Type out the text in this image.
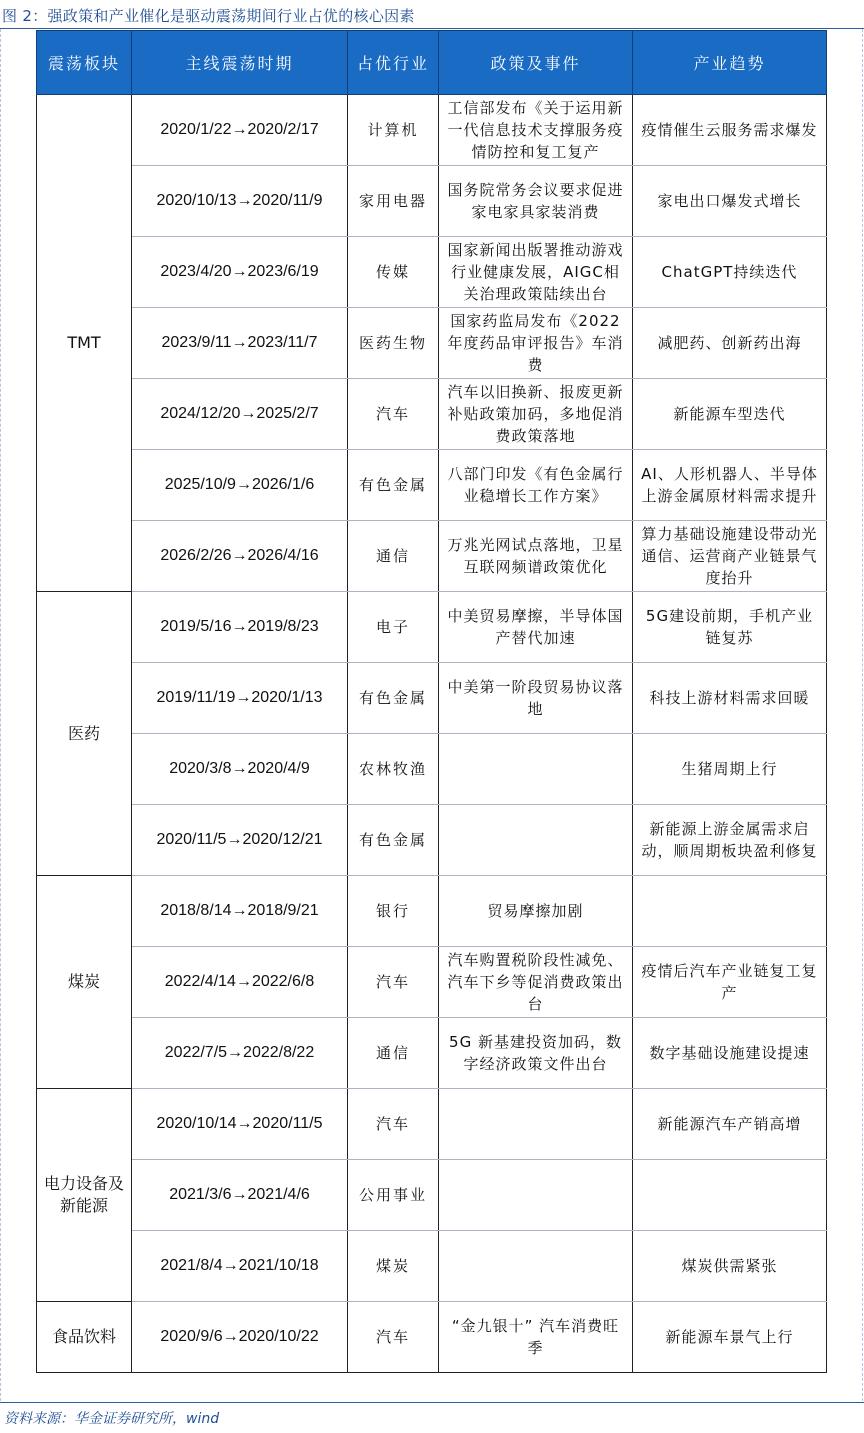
图 2：强政策和产业催化是驱动震荡期间行业占优的核心因素
震荡板块	主线震荡时期	占优行业	政策及事件	产业趋势
TMT	2020/1/22→2020/2/17	计算机	工信部发布《关于运用新一代信息技术支撑服务疫情防控和复工复产	疫情催生云服务需求爆发
	2020/10/13→2020/11/9	家用电器	国务院常务会议要求促进家电家具家装消费	家电出口爆发式增长
	2023/4/20→2023/6/19	传媒	国家新闻出版署推动游戏行业健康发展，AIGC相关治理政策陆续出台	ChatGPT持续迭代
	2023/9/11→2023/11/7	医药生物	国家药监局发布《2022年度药品审评报告》车消费	减肥药、创新药出海
	2024/12/20→2025/2/7	汽车	汽车以旧换新、报废更新补贴政策加码，多地促消费政策落地	新能源车型迭代
	2025/10/9→2026/1/6	有色金属	八部门印发《有色金属行业稳增长工作方案》	AI、人形机器人、半导体上游金属原材料需求提升
	2026/2/26→2026/4/16	通信	万兆光网试点落地，卫星互联网频谱政策优化	算力基础设施建设带动光通信、运营商产业链景气度抬升
医药	2019/5/16→2019/8/23	电子	中美贸易摩擦，半导体国产替代加速	5G建设前期，手机产业链复苏
	2019/11/19→2020/1/13	有色金属	中美第一阶段贸易协议落地	科技上游材料需求回暖
	2020/3/8→2020/4/9	农林牧渔		生猪周期上行
	2020/11/5→2020/12/21	有色金属		新能源上游金属需求启动，顺周期板块盈利修复
煤炭	2018/8/14→2018/9/21	银行	贸易摩擦加剧	
	2022/4/14→2022/6/8	汽车	汽车购置税阶段性减免、汽车下乡等促消费政策出台	疫情后汽车产业链复工复产
	2022/7/5→2022/8/22	通信	5G 新基建投资加码，数字经济政策文件出台	数字基础设施建设提速
电力设备及新能源	2020/10/14→2020/11/5	汽车		新能源汽车产销高增
	2021/3/6→2021/4/6	公用事业		
	2021/8/4→2021/10/18	煤炭		煤炭供需紧张
食品饮料	2020/9/6→2020/10/22	汽车	“金九银十” 汽车消费旺季	新能源车景气上行
资料来源：华金证券研究所，wind
